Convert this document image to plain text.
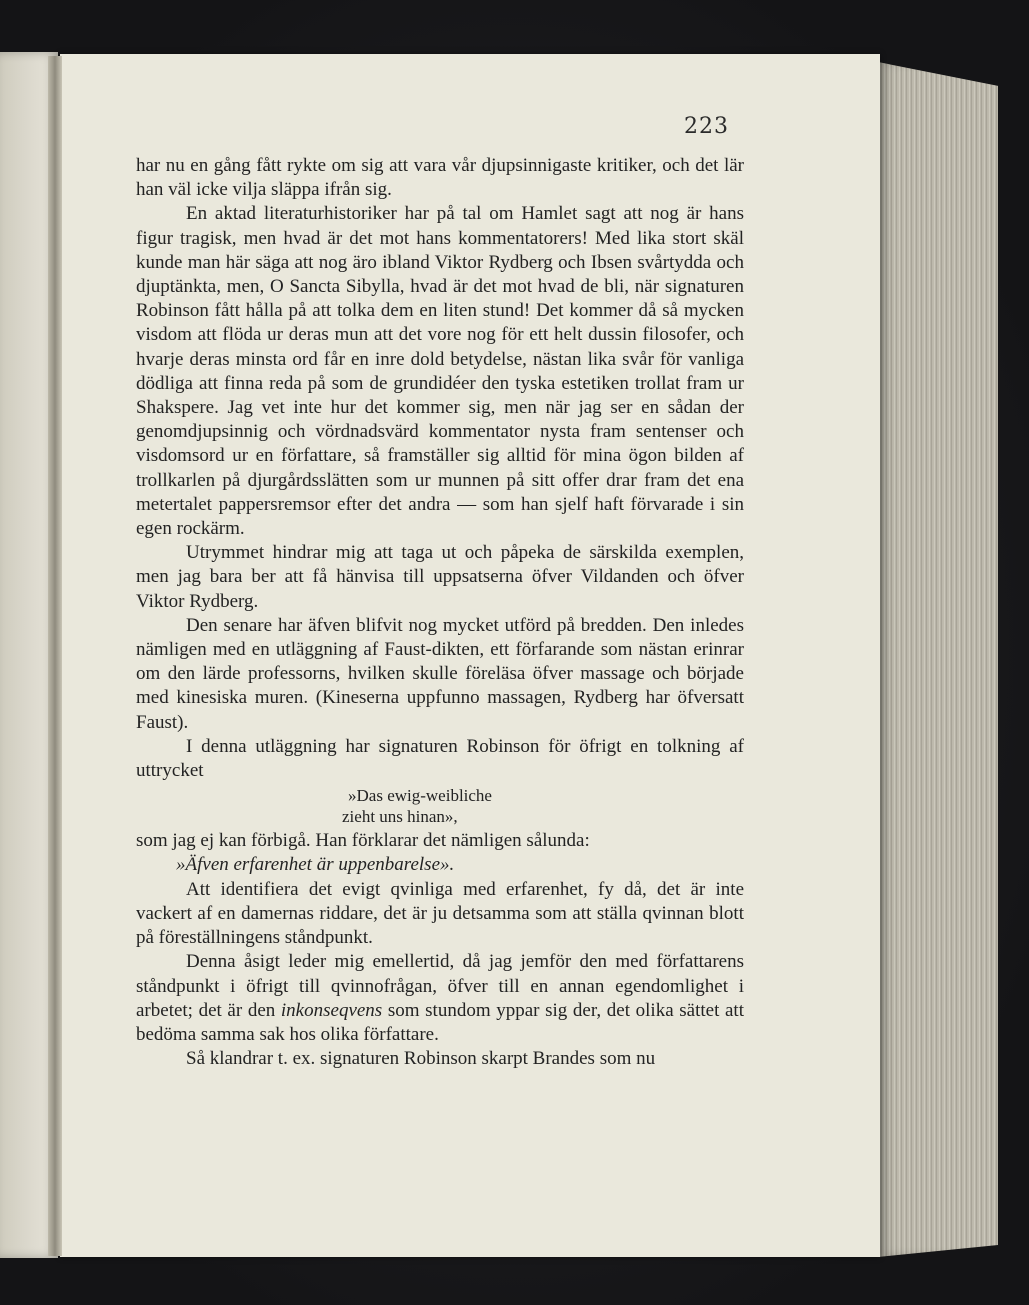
223

har nu en gång fått rykte om sig att vara vår djupsinnigaste kritiker, och det lär han väl icke vilja släppa ifrån sig.

En aktad literaturhistoriker har på tal om Hamlet sagt att nog är hans figur tragisk, men hvad är det mot hans kommentatorers! Med lika stort skäl kunde man här säga att nog äro ibland Viktor Rydberg och Ibsen svårtydda och djuptänkta, men, O Sancta Sibylla, hvad är det mot hvad de bli, när signaturen Robinson fått hålla på att tolka dem en liten stund! Det kommer då så mycken visdom att flöda ur deras mun att det vore nog för ett helt dussin filosofer, och hvarje deras minsta ord får en inre dold betydelse, nästan lika svår för vanliga dödliga att finna reda på som de grundidéer den tyska estetiken trollat fram ur Shakspere. Jag vet inte hur det kommer sig, men när jag ser en sådan der genomdjupsinnig och vördnadsvärd kommentator nysta fram sentenser och visdomsord ur en författare, så framställer sig alltid för mina ögon bilden af trollkarlen på djurgårdsslätten som ur munnen på sitt offer drar fram det ena metertalet pappersremsor efter det andra — som han sjelf haft förvarade i sin egen rockärm.

Utrymmet hindrar mig att taga ut och påpeka de särskilda exemplen, men jag bara ber att få hänvisa till uppsatserna öfver Vildanden och öfver Viktor Rydberg.

Den senare har äfven blifvit nog mycket utförd på bredden. Den inledes nämligen med en utläggning af Faust-dikten, ett förfarande som nästan erinrar om den lärde professorns, hvilken skulle föreläsa öfver massage och började med kinesiska muren. (Kineserna uppfunno massagen, Rydberg har öfversatt Faust).

I denna utläggning har signaturen Robinson för öfrigt en tolkning af uttrycket

»Das ewig-weibliche
zieht uns hinan»,

som jag ej kan förbigå. Han förklarar det nämligen sålunda:

»Äfven erfarenhet är uppenbarelse».

Att identifiera det evigt qvinliga med erfarenhet, fy då, det är inte vackert af en damernas riddare, det är ju detsamma som att ställa qvinnan blott på föreställningens ståndpunkt.

Denna åsigt leder mig emellertid, då jag jemför den med författarens ståndpunkt i öfrigt till qvinnofrågan, öfver till en annan egendomlighet i arbetet; det är den inkonseqvens som stundom yppar sig der, det olika sättet att bedöma samma sak hos olika författare.

Så klandrar t. ex. signaturen Robinson skarpt Brandes som nu
